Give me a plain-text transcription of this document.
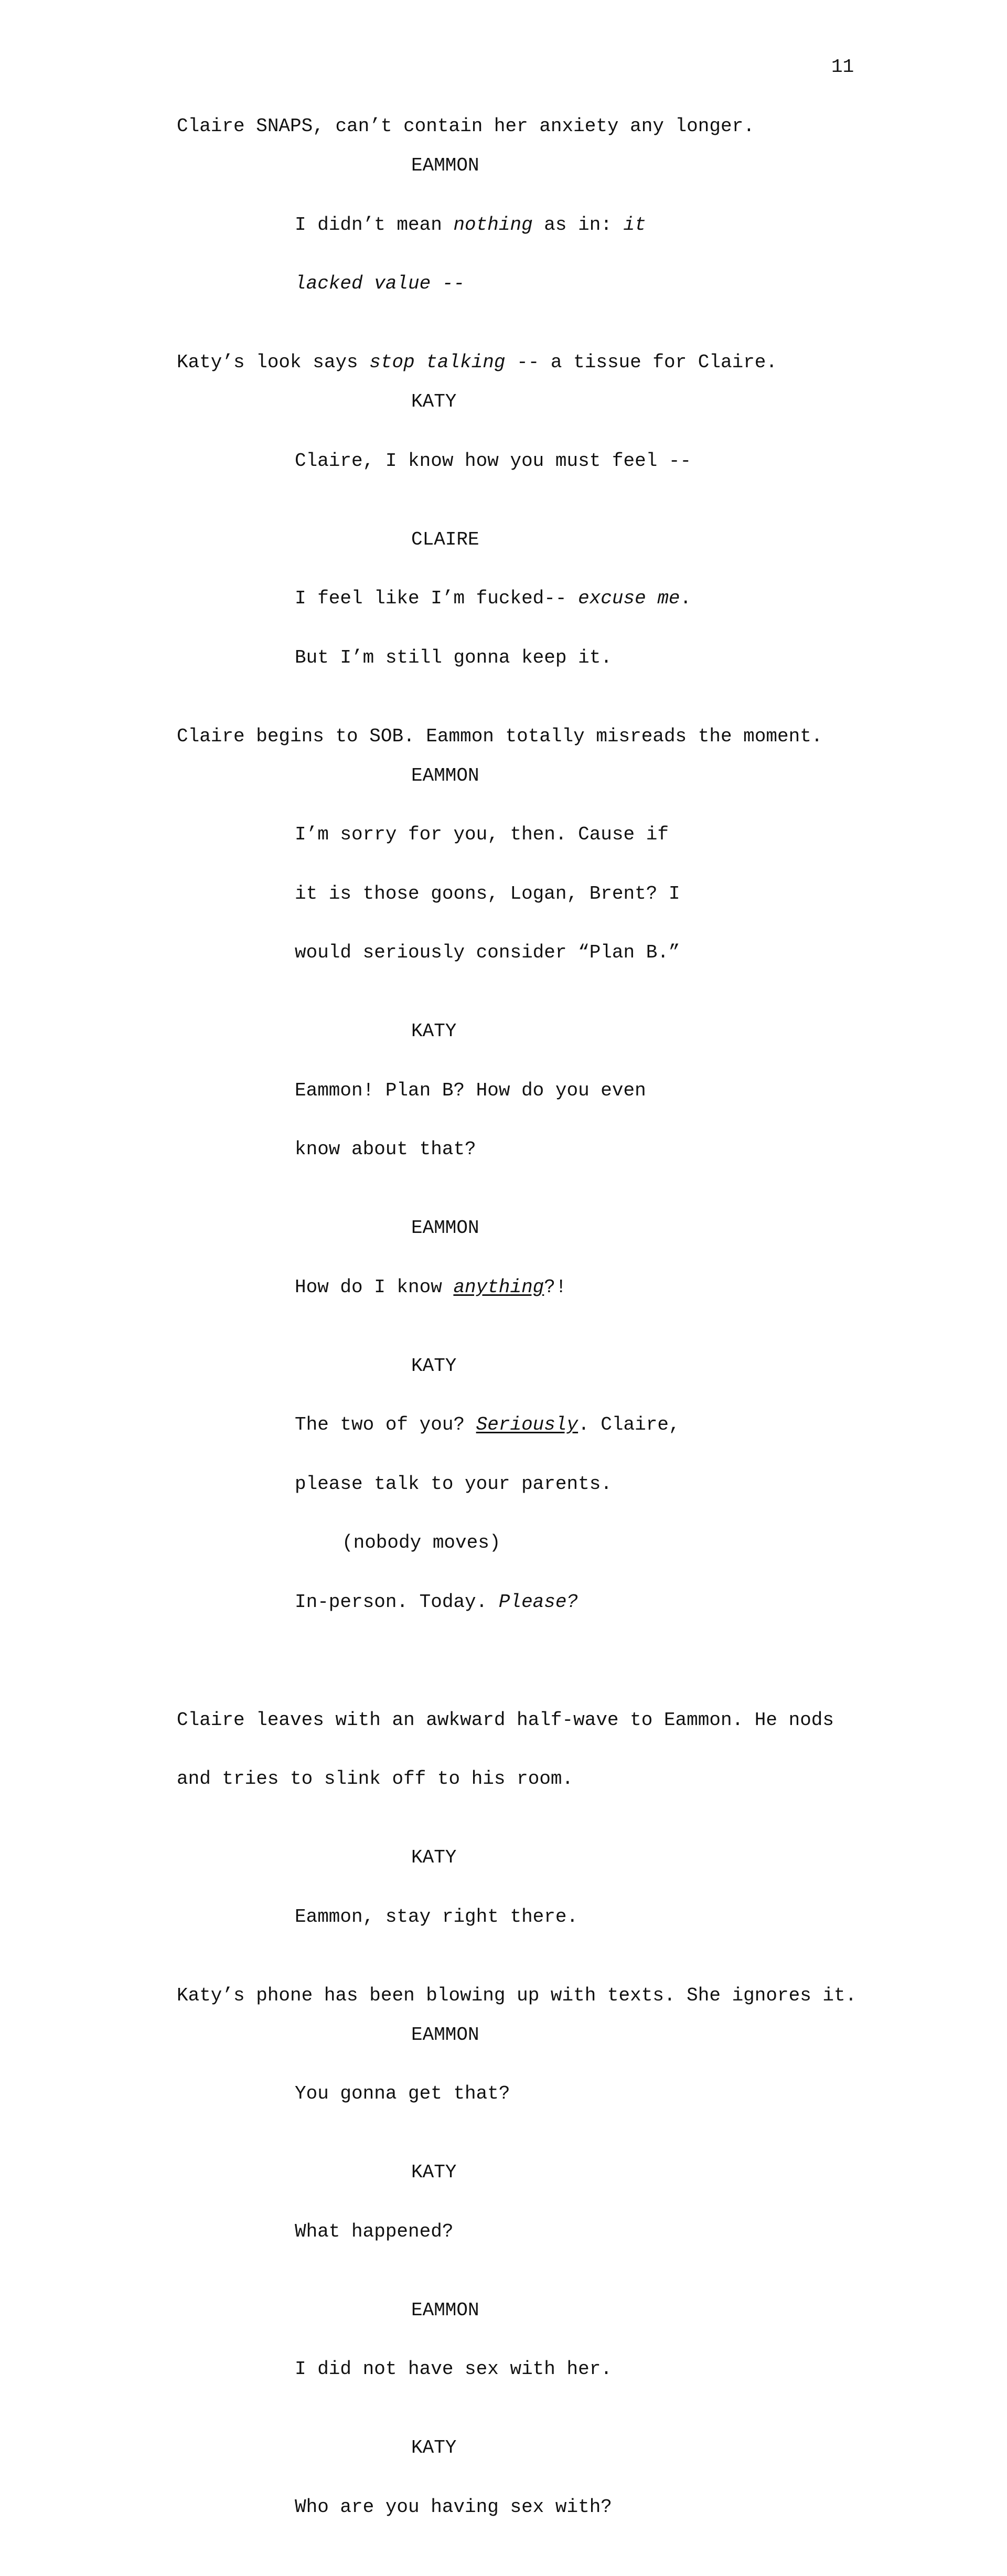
11
Claire SNAPS, can’t contain her anxiety any longer.
EAMMON

I didn’t mean nothing as in: it

lacked value --

Katy’s look says stop talking -- a tissue for Claire.
KATY

Claire, I know how you must feel --

CLAIRE

I feel like I’m fucked-- excuse me.

But I’m still gonna keep it.

Claire begins to SOB. Eammon totally misreads the moment.
EAMMON

I’m sorry for you, then. Cause if

it is those goons, Logan, Brent? I

would seriously consider “Plan B.”

KATY

Eammon! Plan B? How do you even

know about that?

EAMMON

How do I know anything?!

KATY

The two of you? Seriously. Claire,

please talk to your parents.

(nobody moves)

In-person. Today. Please?

Claire leaves with an awkward half-wave to Eammon. He nods

and tries to slink off to his room.

KATY

Eammon, stay right there.

Katy’s phone has been blowing up with texts. She ignores it.
EAMMON

You gonna get that?

KATY

What happened?

EAMMON

I did not have sex with her.

KATY

Who are you having sex with?
